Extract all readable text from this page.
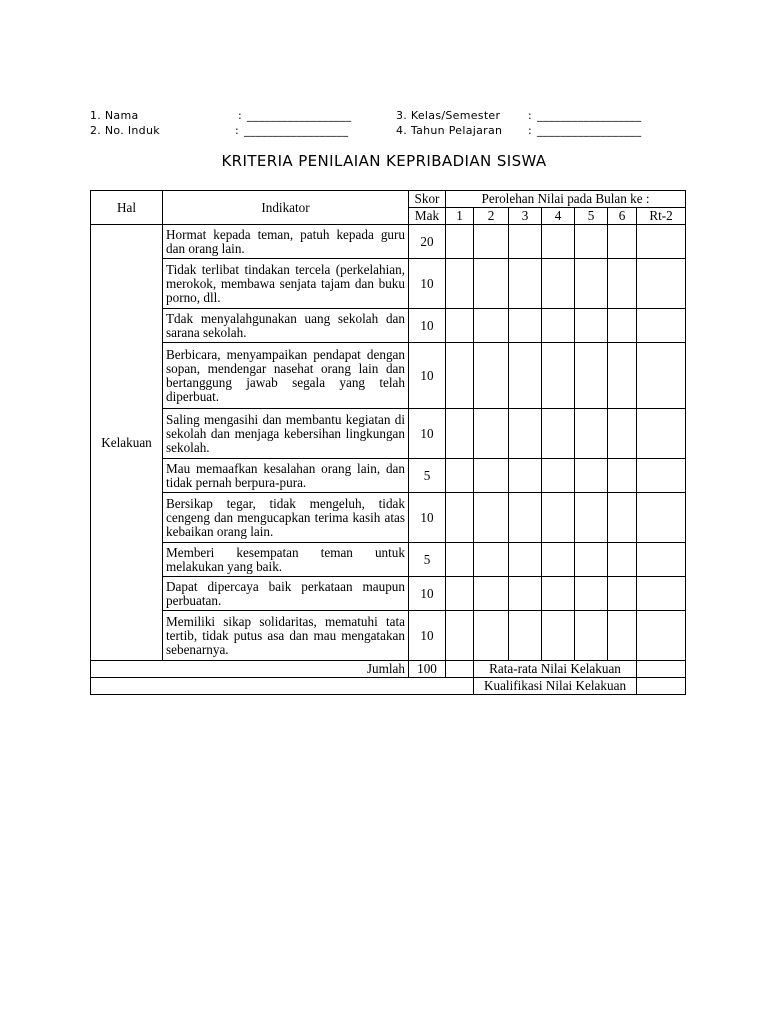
1. Nama	: __________________
2. No. Induk	: __________________
3. Kelas/Semester	: __________________
4. Tahun Pelajaran : __________________
KRITERIA PENILAIAN KEPRIBADIAN SISWA
Hal	Indikator	Skor	Perolehan Nilai pada Bulan ke :						
		Mak	1	2	3	4	5	6	Rt-2
Kelakuan	Hormat kepada teman, patuh kepada guru dan orang lain.	20							
	Tidak terlibat tindakan tercela (perkelahian, merokok, membawa senjata tajam dan buku porno, dll.	10							
	Tdak menyalahgunakan uang sekolah dan sarana sekolah.	10							
	Berbicara, menyampaikan pendapat dengan sopan, mendengar nasehat orang lain dan bertanggung jawab segala yang telah diperbuat.	10							
	Saling mengasihi dan membantu kegiatan di sekolah dan menjaga kebersihan lingkungan sekolah.	10							
	Mau memaafkan kesalahan orang lain, dan tidak pernah berpura-pura.	5							
	Bersikap tegar, tidak mengeluh, tidak cengeng dan mengucapkan terima kasih atas kebaikan orang lain.	10							
	Memberi kesempatan teman untuk melakukan yang baik.	5							
	Dapat dipercaya baik perkataan maupun perbuatan.	10							
	Memiliki sikap solidaritas, mematuhi tata tertib, tidak putus asa dan mau mengatakan sebenarnya.	10							
Jumlah		100		Rata-rata Nilai Kelakuan					
				Kualifikasi Nilai Kelakuan					
